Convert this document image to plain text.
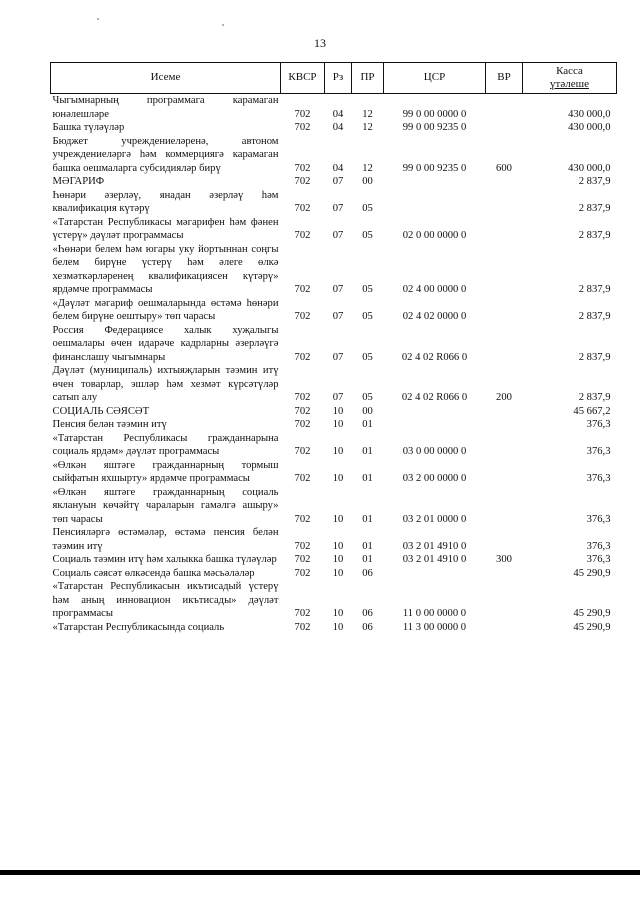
13
Исеме	КВСР	Рз	ПР	ЦСР	ВР	Касса
үтәлеше

Чыгымнарның программага карамаган юнәлешләре	702	04	12	99 0 00 0000 0		430 000,0
Башка түләүләр	702	04	12	99 0 00 9235 0		430 000,0
Бюджет учреждениеләренә, автоном учреждениеләргә һәм коммерциягә карамаган башка оешмаларга субсидияләр бирү	702	04	12	99 0 00 9235 0	600	430 000,0
МӘГАРИФ	702	07	00			2 837,9
Һөнәри әзерләү, янадан әзерләү һәм квалификация күтәрү	702	07	05			2 837,9
«Татарстан Республикасы мәгарифен һәм фәнен үстерү» дәүләт программасы	702	07	05	02 0 00 0000 0		2 837,9
«Һөнәри белем һәм югары уку йортыннан соңгы белем бирүне үстерү һәм әлеге өлкә хезмәткәрләренең квалификациясен күтәрү» ярдәмче программасы	702	07	05	02 4 00 0000 0		2 837,9
«Дәүләт мәгариф оешмаларында өстәмә һөнәри белем бирүне оештыру» төп чарасы	702	07	05	02 4 02 0000 0		2 837,9
Россия Федерациясе халык хуҗалыгы оешмалары өчен идарәче кадрларны әзерләүгә финанслашу чыгымнары	702	07	05	02 4 02 R066 0		2 837,9
Дәүләт (муниципаль) ихтыяҗларын тәэмин итү өчен товарлар, эшләр һәм хезмәт күрсәтүләр сатып алу	702	07	05	02 4 02 R066 0	200	2 837,9
СОЦИАЛЬ СӘЯСӘТ	702	10	00			45 667,2
Пенсия белән тәэмин итү	702	10	01			376,3
«Татарстан Республикасы гражданнарына социаль ярдәм» дәүләт программасы	702	10	01	03 0 00 0000 0		376,3
«Өлкән яштәге гражданнарның тормыш сыйфатын яхшырту» ярдәмче программасы	702	10	01	03 2 00 0000 0		376,3
«Өлкән яштәге гражданнарның социаль яклануын көчәйтү чараларын гамәлгә ашыру» төп чарасы	702	10	01	03 2 01 0000 0		376,3
Пенсияләргә өстәмәләр, өстәмә пенсия белән тәэмин итү	702	10	01	03 2 01 4910 0		376,3
Социаль тәэмин итү һәм халыкка башка түләүләр	702	10	01	03 2 01 4910 0	300	376,3
Социаль сәясәт өлкәсендә башка мәсьәләләр	702	10	06			45 290,9
«Татарстан Республикасын икътисадый үстерү һәм аның инновацион икътисады» дәүләт программасы	702	10	06	11 0 00 0000 0		45 290,9
«Татарстан Республикасында социаль	702	10	06	11 3 00 0000 0		45 290,9
